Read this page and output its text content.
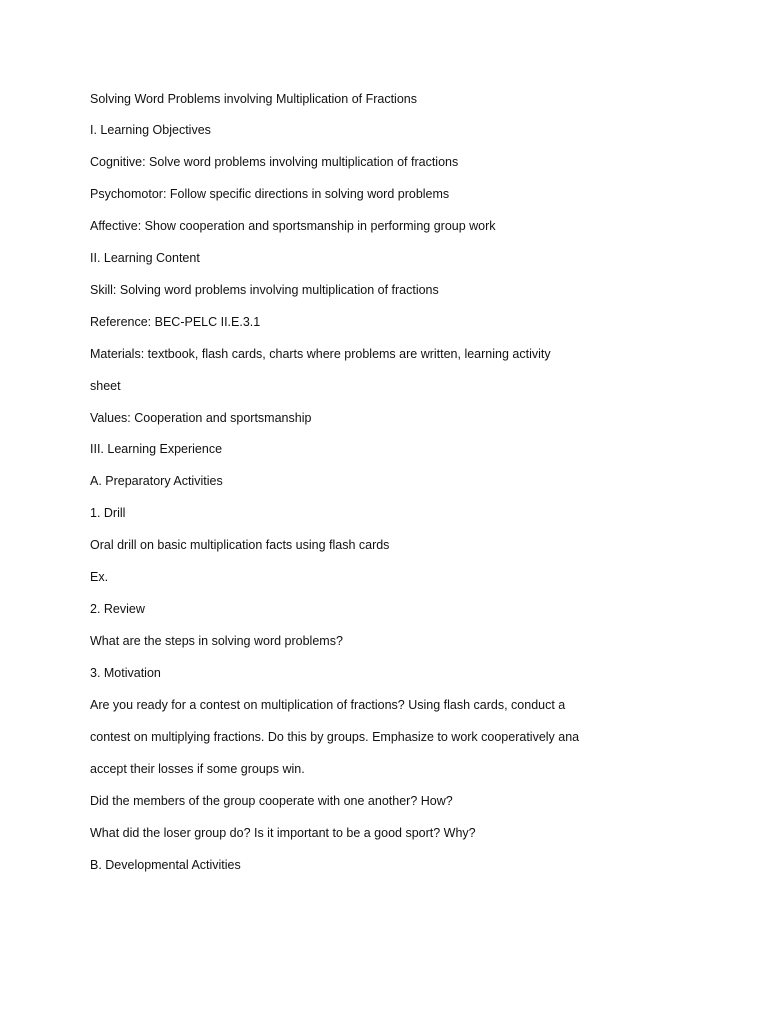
Solving Word Problems involving Multiplication of Fractions
I. Learning Objectives
Cognitive: Solve word problems involving multiplication of fractions
Psychomotor: Follow specific directions in solving word problems
Affective: Show cooperation and sportsmanship in performing group work
II. Learning Content
Skill: Solving word problems involving multiplication of fractions
Reference: BEC-PELC II.E.3.1
Materials: textbook, flash cards, charts where problems are written, learning activity
sheet
Values: Cooperation and sportsmanship
III. Learning Experience
A. Preparatory Activities
1. Drill
Oral drill on basic multiplication facts using flash cards
Ex.
2. Review
What are the steps in solving word problems?
3. Motivation
Are you ready for a contest on multiplication of fractions? Using flash cards, conduct a
contest on multiplying fractions. Do this by groups. Emphasize to work cooperatively ana
accept their losses if some groups win.
Did the members of the group cooperate with one another? How?
What did the loser group do? Is it important to be a good sport? Why?
B. Developmental Activities
